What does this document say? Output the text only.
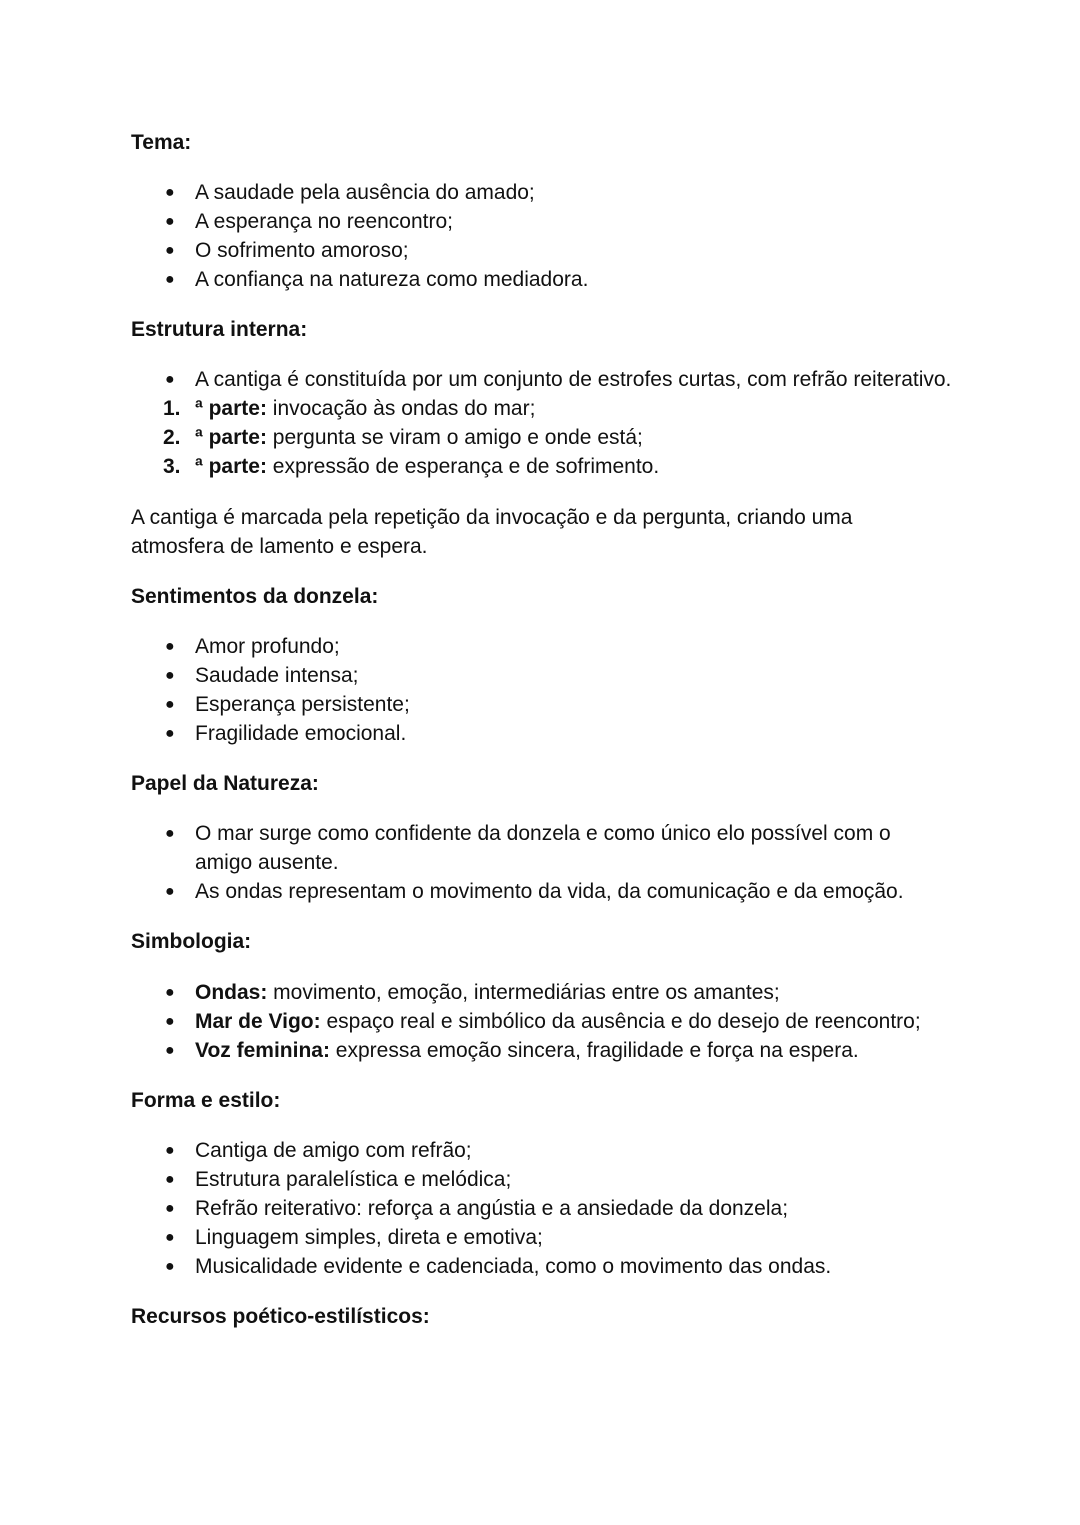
Tema:

● A saudade pela ausência do amado;
● A esperança no reencontro;
● O sofrimento amoroso;
● A confiança na natureza como mediadora.

Estrutura interna:

● A cantiga é constituída por um conjunto de estrofes curtas, com refrão reiterativo.
1. ª parte: invocação às ondas do mar;
2. ª parte: pergunta se viram o amigo e onde está;
3. ª parte: expressão de esperança e de sofrimento.

A cantiga é marcada pela repetição da invocação e da pergunta, criando uma atmosfera de lamento e espera.

Sentimentos da donzela:

● Amor profundo;
● Saudade intensa;
● Esperança persistente;
● Fragilidade emocional.

Papel da Natureza:

● O mar surge como confidente da donzela e como único elo possível com o amigo ausente.
● As ondas representam o movimento da vida, da comunicação e da emoção.

Simbologia:

● Ondas: movimento, emoção, intermediárias entre os amantes;
● Mar de Vigo: espaço real e simbólico da ausência e do desejo de reencontro;
● Voz feminina: expressa emoção sincera, fragilidade e força na espera.

Forma e estilo:

● Cantiga de amigo com refrão;
● Estrutura paralelística e melódica;
● Refrão reiterativo: reforça a angústia e a ansiedade da donzela;
● Linguagem simples, direta e emotiva;
● Musicalidade evidente e cadenciada, como o movimento das ondas.

Recursos poético-estilísticos:
